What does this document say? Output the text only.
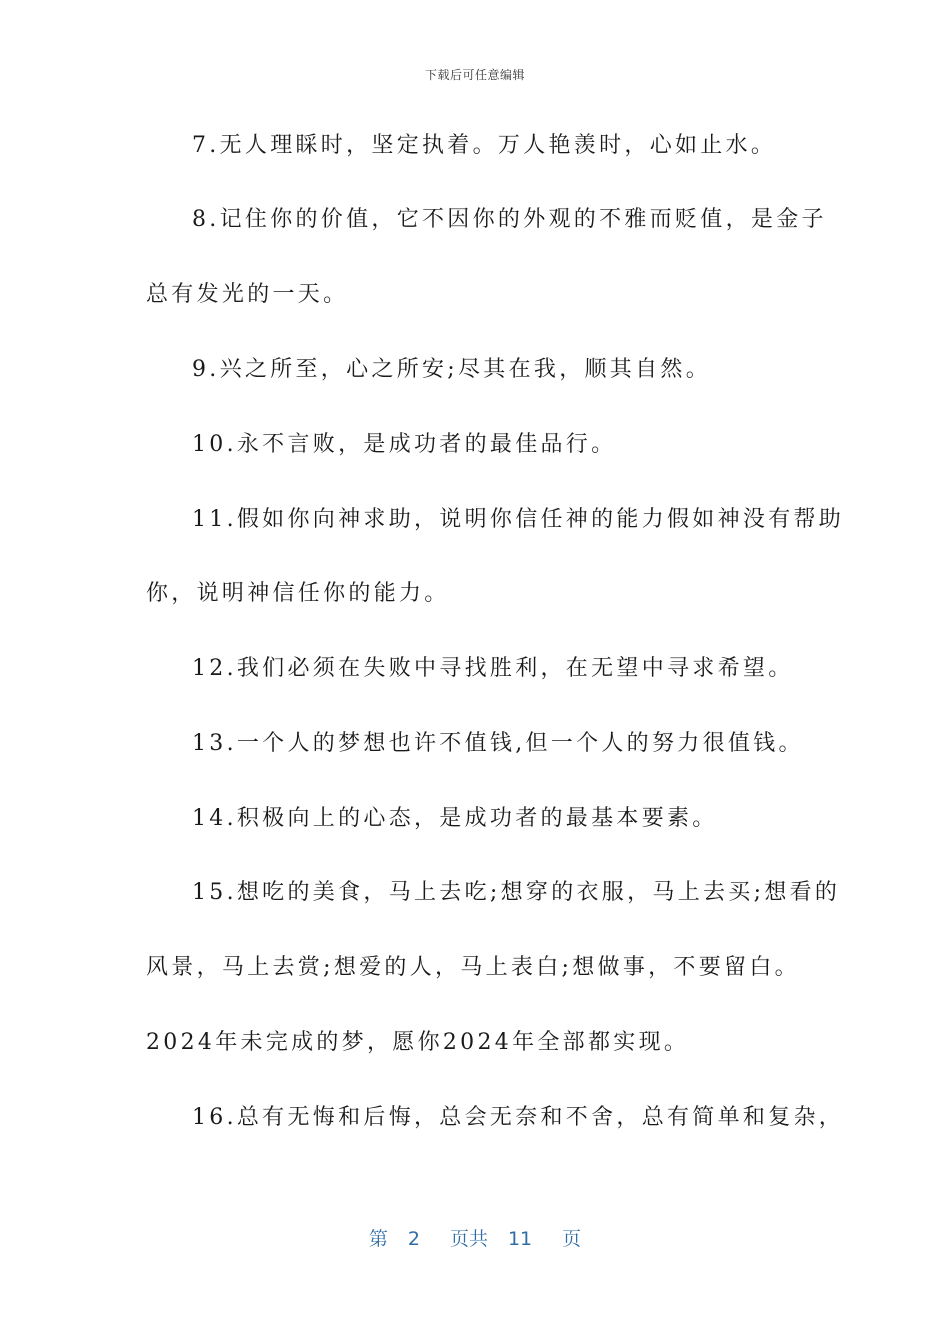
下载后可任意编辑
7.无人理睬时，坚定执着。万人艳羡时，心如止水。
8.记住你的价值，它不因你的外观的不雅而贬值，是金子
总有发光的一天。
9.兴之所至，心之所安;尽其在我，顺其自然。
10.永不言败，是成功者的最佳品行。
11.假如你向神求助，说明你信任神的能力假如神没有帮助
你，说明神信任你的能力。
12.我们必须在失败中寻找胜利，在无望中寻求希望。
13.一个人的梦想也许不值钱,但一个人的努力很值钱。
14.积极向上的心态，是成功者的最基本要素。
15.想吃的美食，马上去吃;想穿的衣服，马上去买;想看的
风景，马上去赏;想爱的人，马上表白;想做事，不要留白。
2024年未完成的梦，愿你2024年全部都实现。
16.总有无悔和后悔，总会无奈和不舍，总有简单和复杂，
第 2 页共 11 页
